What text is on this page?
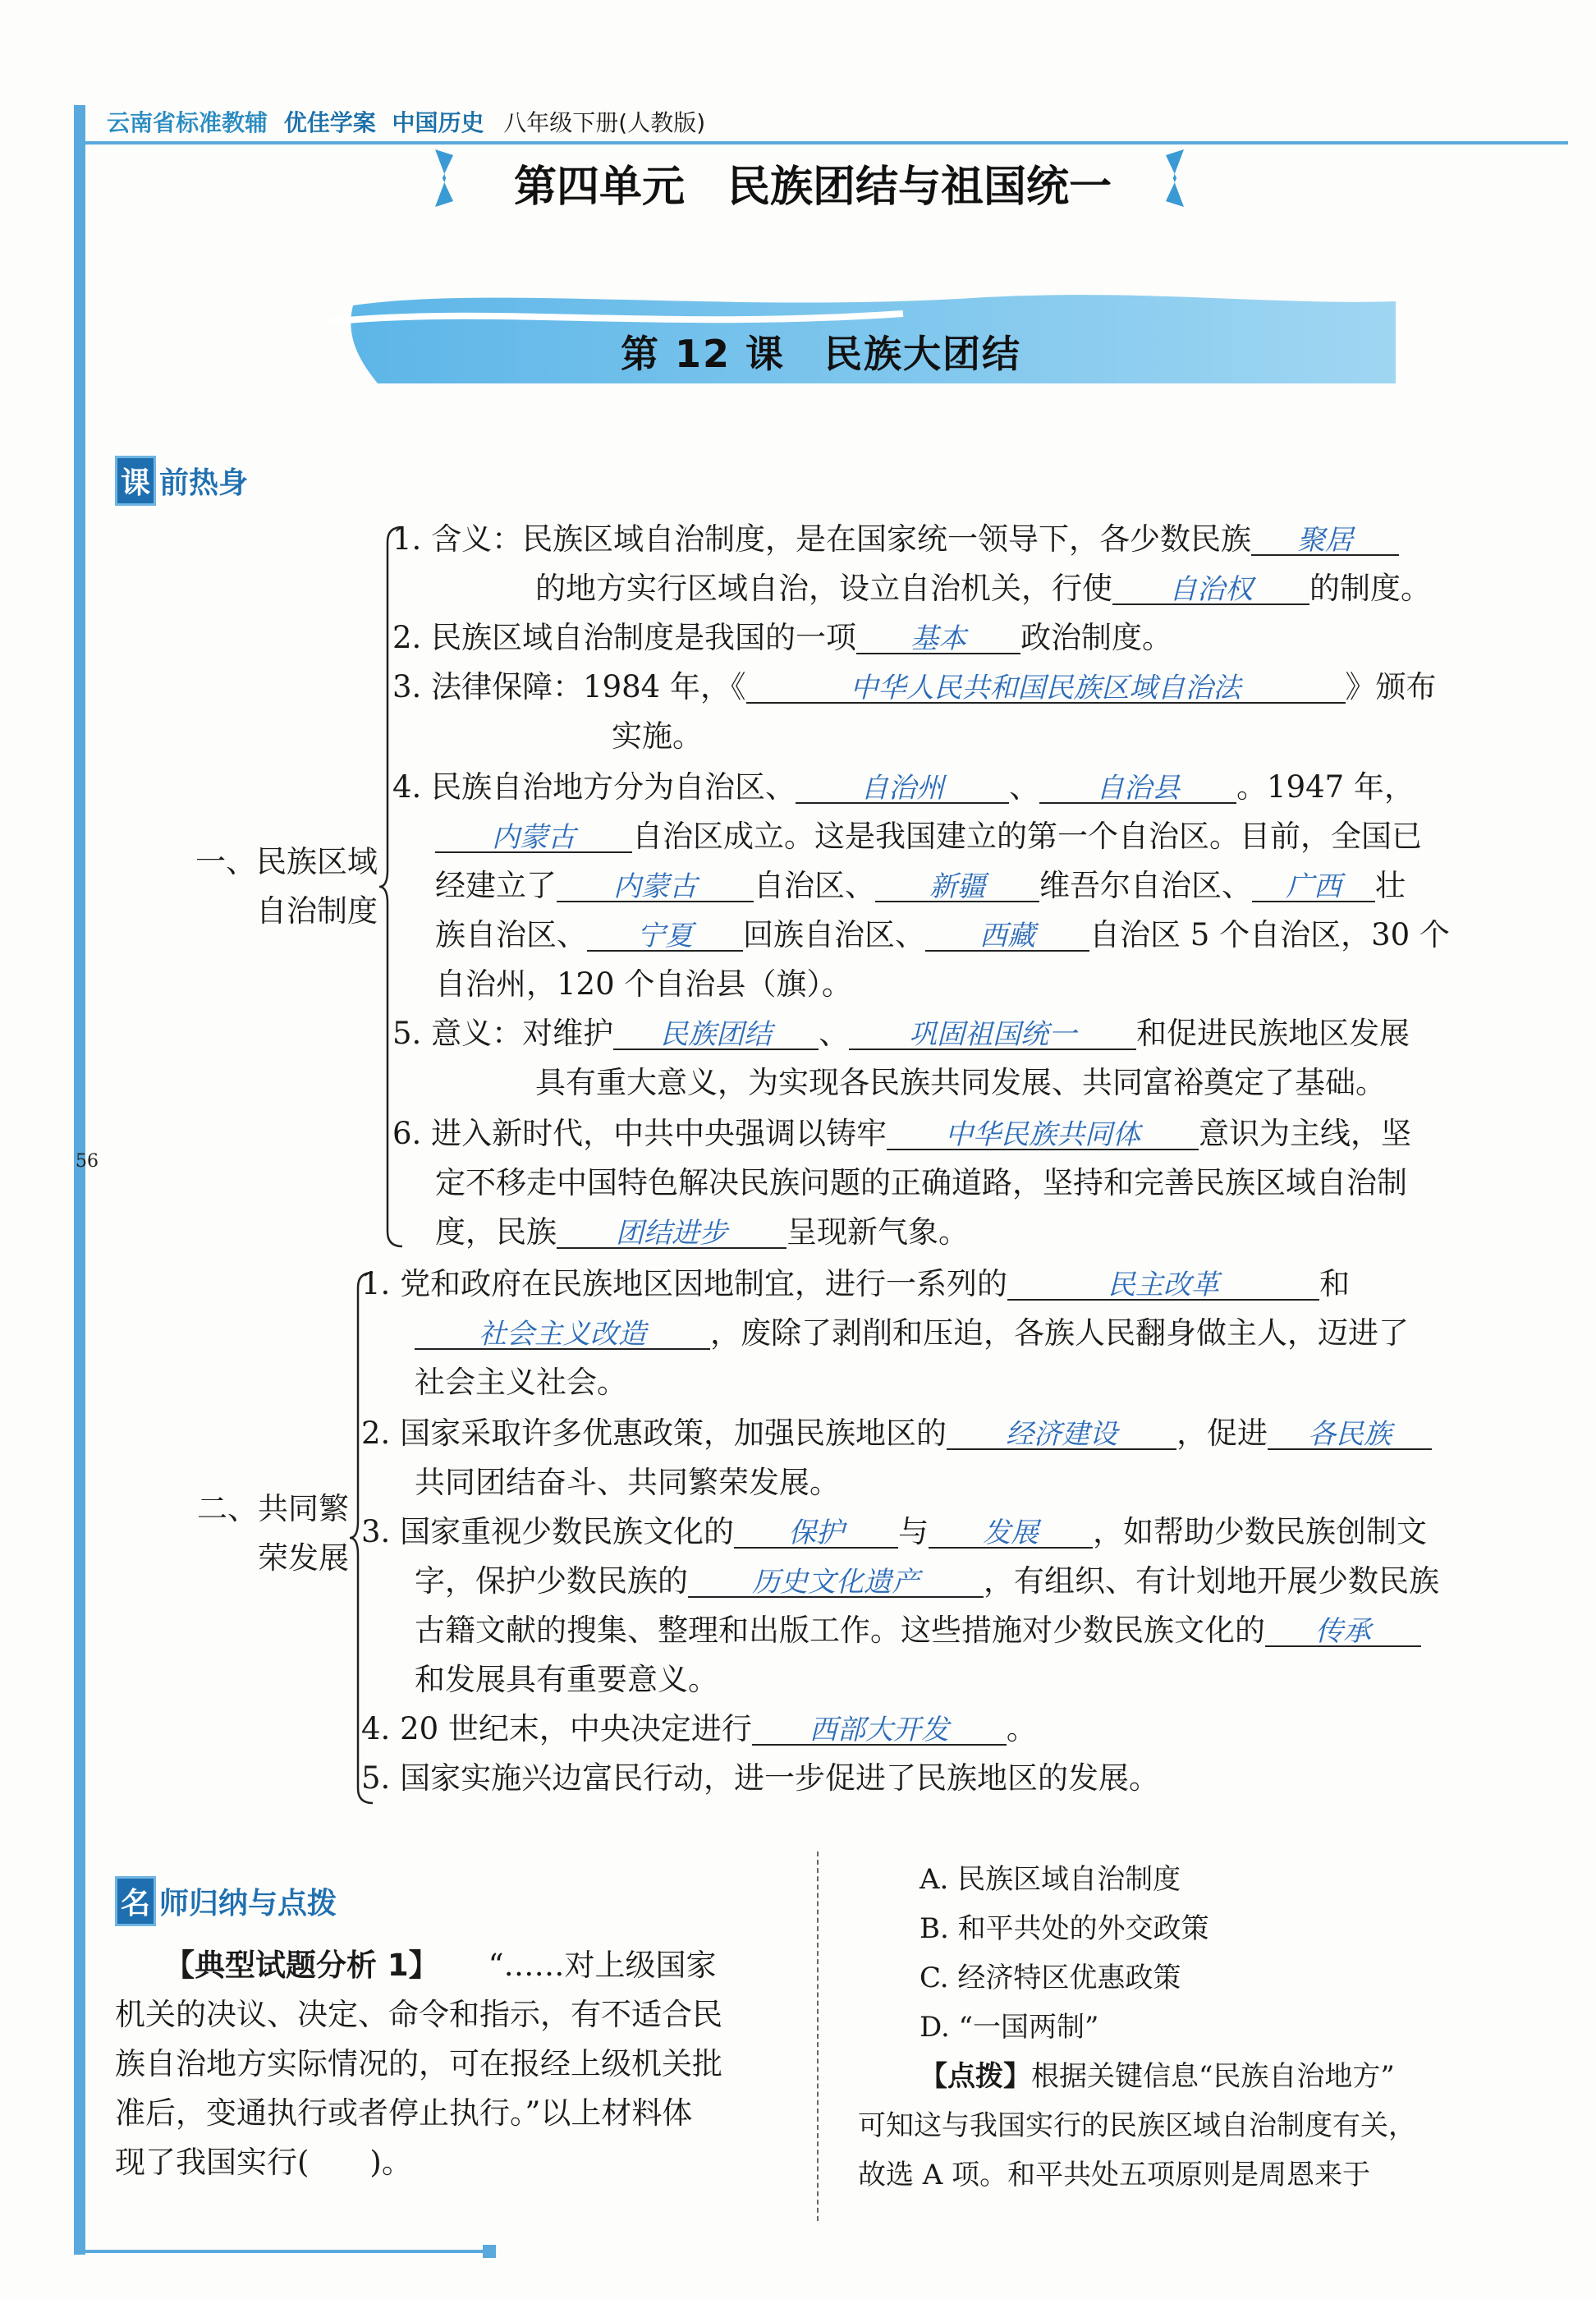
56
云南省标准教辅 优佳学案 中国历史 八年级下册(人教版)
第四单元　民族团结与祖国统一
第 12 课　民族大团结
课 前热身
一、民族区域
自治制度
二、共同繁
荣发展
1. 含义：民族区域自治制度，是在国家统一领导下，各少数民族 聚居
的地方实行区域自治，设立自治机关，行使 自治权 的制度。
2. 民族区域自治制度是我国的一项 基本 政治制度。
3. 法律保障：1984 年，《	中华人民共和国民族区域自治法	》颁布
实施。
4. 民族自治地方分为自治区、 自治州 、 自治县 。1947 年，
内蒙古 自治区成立。这是我国建立的第一个自治区。目前，全国已
经建立了 内蒙古 自治区、 新疆 维吾尔自治区、 广西 壮
族自治区、 宁夏 回族自治区、 西藏 自治区 5 个自治区，30 个
自治州，120 个自治县（旗）。
5. 意义：对维护 民族团结 、 巩固祖国统一 和促进民族地区发展
具有重大意义，为实现各民族共同发展、共同富裕奠定了基础。
6. 进入新时代，中共中央强调以铸牢 中华民族共同体 意识为主线，坚
定不移走中国特色解决民族问题的正确道路，坚持和完善民族区域自治制
度，民族 团结进步 呈现新气象。
1. 党和政府在民族地区因地制宜，进行一系列的	民主改革	和
社会主义改造 ，废除了剥削和压迫，各族人民翻身做主人，迈进了
社会主义社会。
2. 国家采取许多优惠政策，加强民族地区的 经济建设 ，促进 各民族
共同团结奋斗、共同繁荣发展。
3. 国家重视少数民族文化的 保护 与 发展 ，如帮助少数民族创制文
字，保护少数民族的 历史文化遗产 ，有组织、有计划地开展少数民族
古籍文献的搜集、整理和出版工作。这些措施对少数民族文化的 传承
和发展具有重要意义。
4. 20 世纪末，中央决定进行 西部大开发 。
5. 国家实施兴边富民行动，进一步促进了民族地区的发展。
名 师归纳与点拨
【典型试题分析 1】 “……对上级国家
机关的决议、决定、命令和指示，有不适合民
族自治地方实际情况的，可在报经上级机关批
准后，变通执行或者停止执行。”以上材料体
现了我国实行(　　)。
A. 民族区域自治制度
B. 和平共处的外交政策
C. 经济特区优惠政策
D. “一国两制”
【点拨】根据关键信息“民族自治地方”
可知这与我国实行的民族区域自治制度有关，
故选 A 项。和平共处五项原则是周恩来于
